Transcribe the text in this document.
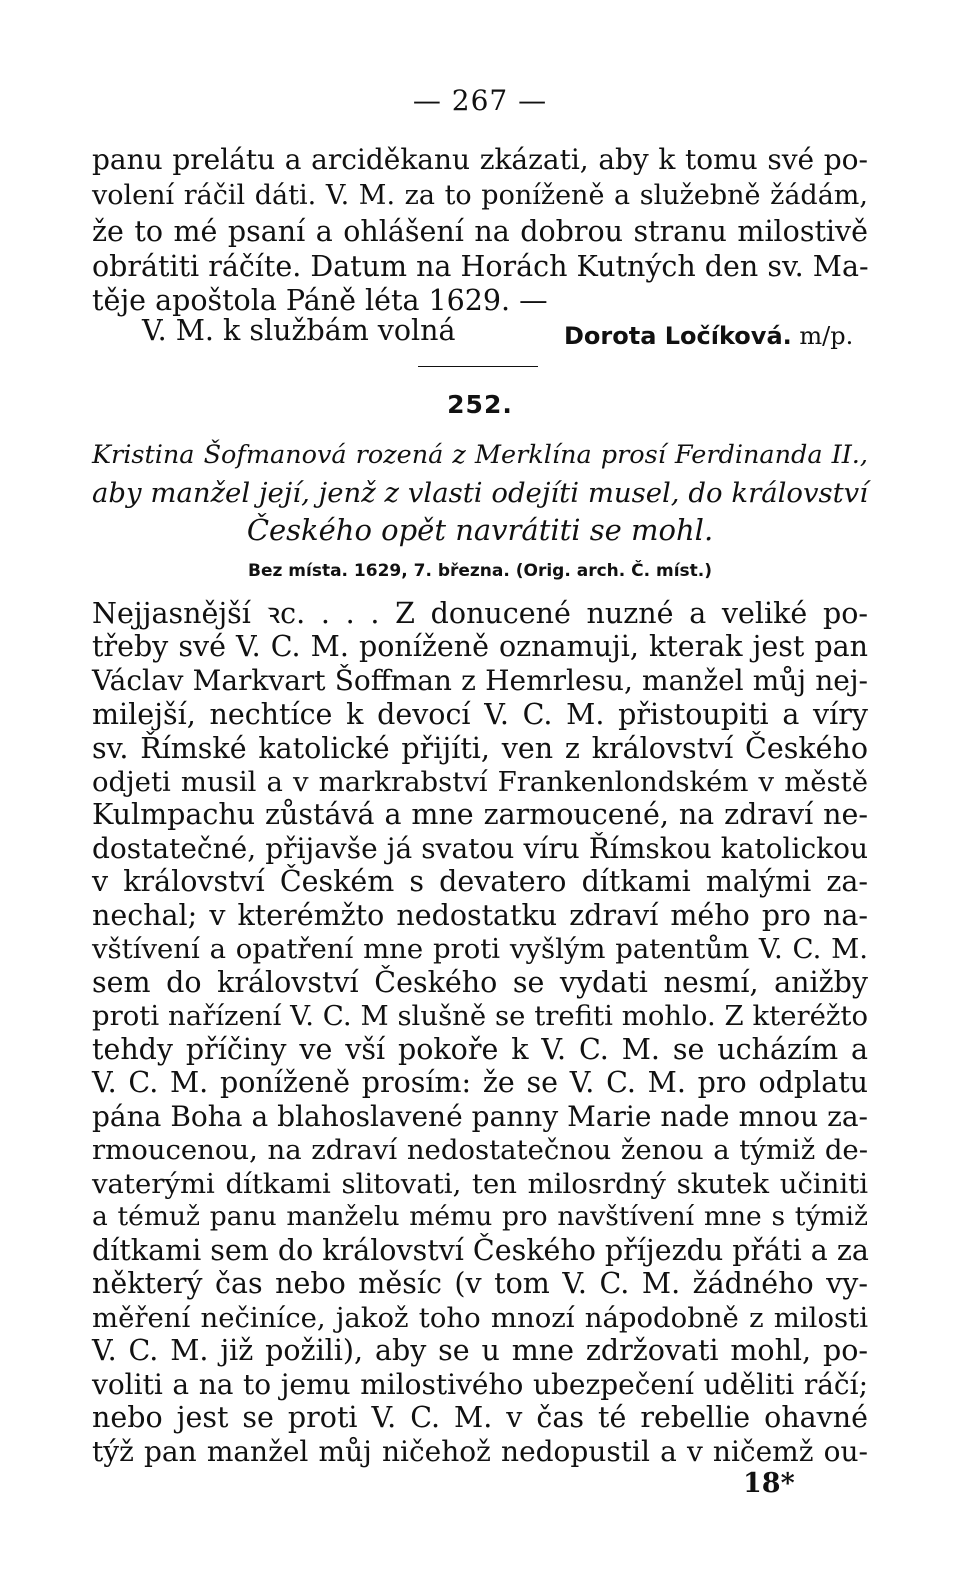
— 267 —
panu prelátu a arciděkanu zkázati, aby k tomu své po-
volení ráčil dáti. V. M. za to poníženě a služebně žádám,
že to mé psaní a ohlášení na dobrou stranu milostivě
obrátiti ráčíte. Datum na Horách Kutných den sv. Ma-
těje apoštola Páně léta 1629. —
V. M. k službám volná	Dorota Ločíková. m/p.
252.
Kristina Šofmanová rozená z Merklína prosí Ferdinanda II.,
aby manžel její, jenž z vlasti odejíti musel, do království
Českého opět navrátiti se mohl.
Bez místa. 1629, 7. března. (Orig. arch. Č. míst.)
Nejjasnější ꝛc. . . . Z donucené nuzné a veliké po-
třeby své V. C. M. poníženě oznamuji, kterak jest pan
Václav Markvart Šoffman z Hemrlesu, manžel můj nej-
milejší, nechtíce k devocí V. C. M. přistoupiti a víry
sv. Římské katolické přijíti, ven z království Českého
odjeti musil a v markrabství Frankenlondském v městě
Kulmpachu zůstává a mne zarmoucené, na zdraví ne-
dostatečné, přijavše já svatou víru Římskou katolickou
v království Českém s devatero dítkami malými za-
nechal; v kterémžto nedostatku zdraví mého pro na-
vštívení a opatření mne proti vyšlým patentům V. C. M.
sem do království Českého se vydati nesmí, anižby
proti nařízení V. C. M slušně se trefiti mohlo. Z kteréžto
tehdy příčiny ve vší pokoře k V. C. M. se ucházím a
V. C. M. poníženě prosím: že se V. C. M. pro odplatu
pána Boha a blahoslavené panny Marie nade mnou za-
rmoucenou, na zdraví nedostatečnou ženou a týmiž de-
vaterými dítkami slitovati, ten milosrdný skutek učiniti
a témuž panu manželu mému pro navštívení mne s týmiž
dítkami sem do království Českého příjezdu přáti a za
některý čas nebo měsíc (v tom V. C. M. žádného vy-
měření nečiníce, jakož toho mnozí nápodobně z milosti
V. C. M. již požili), aby se u mne zdržovati mohl, po-
voliti a na to jemu milostivého ubezpečení uděliti ráčí;
nebo jest se proti V. C. M. v čas té rebellie ohavné
týž pan manžel můj ničehož nedopustil a v ničemž ou-
18*
